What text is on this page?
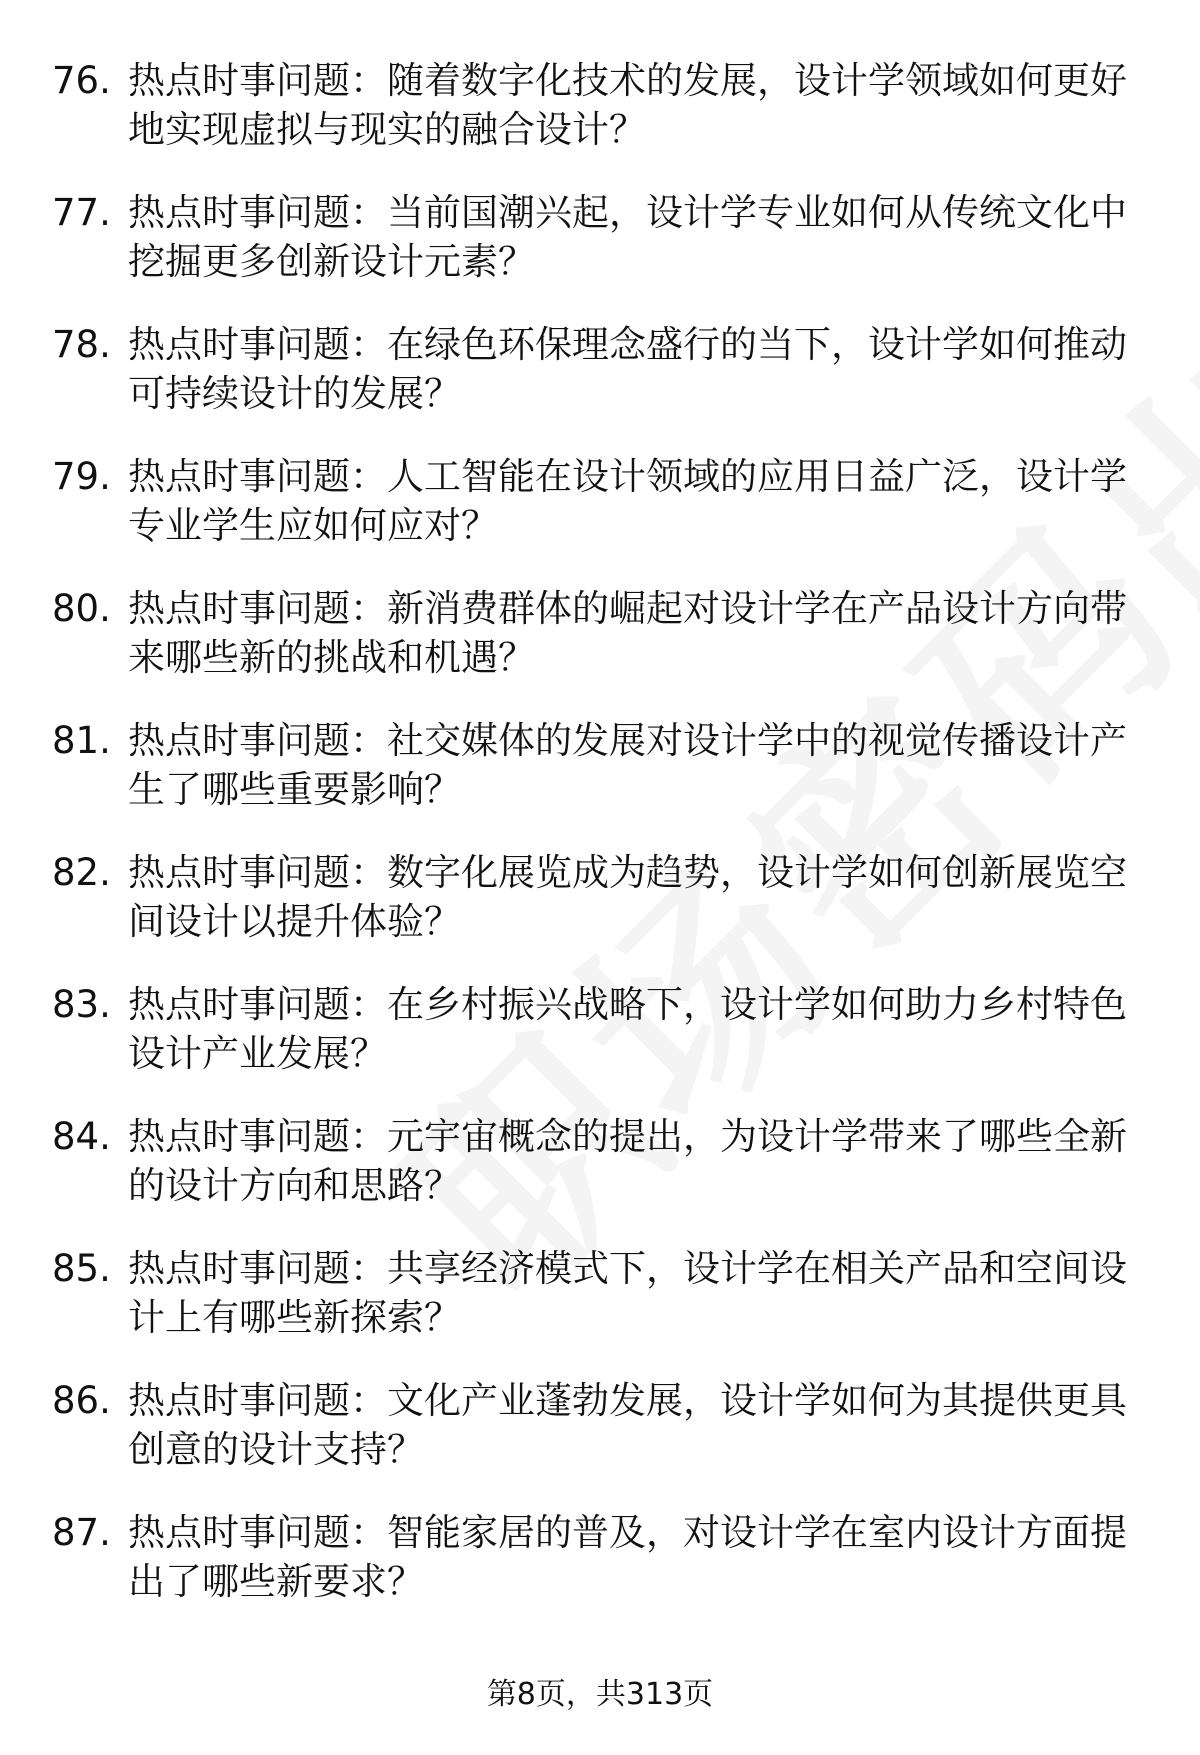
76. 热点时事问题：随着数字化技术的发展，设计学领域如何更好地实现虚拟与现实的融合设计？
77. 热点时事问题：当前国潮兴起，设计学专业如何从传统文化中挖掘更多创新设计元素？
78. 热点时事问题：在绿色环保理念盛行的当下，设计学如何推动可持续设计的发展？
79. 热点时事问题：人工智能在设计领域的应用日益广泛，设计学专业学生应如何应对？
80. 热点时事问题：新消费群体的崛起对设计学在产品设计方向带来哪些新的挑战和机遇？
81. 热点时事问题：社交媒体的发展对设计学中的视觉传播设计产生了哪些重要影响？
82. 热点时事问题：数字化展览成为趋势，设计学如何创新展览空间设计以提升体验？
83. 热点时事问题：在乡村振兴战略下，设计学如何助力乡村特色设计产业发展？
84. 热点时事问题：元宇宙概念的提出，为设计学带来了哪些全新的设计方向和思路？
85. 热点时事问题：共享经济模式下，设计学在相关产品和空间设计上有哪些新探索？
86. 热点时事问题：文化产业蓬勃发展，设计学如何为其提供更具创意的设计支持？
87. 热点时事问题：智能家居的普及，对设计学在室内设计方面提出了哪些新要求？
第8页，共313页
